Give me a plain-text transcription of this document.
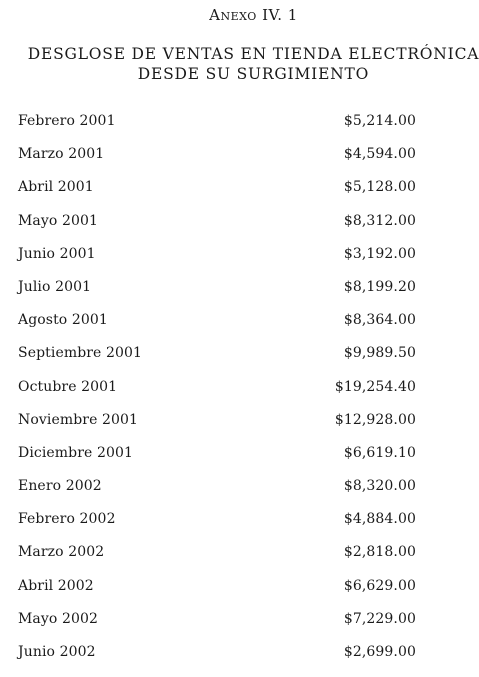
Anexo IV. 1
DESGLOSE DE VENTAS EN TIENDA ELECTRÓNICA
DESDE SU SURGIMIENTO
Febrero 2001	$5,214.00
Marzo 2001	$4,594.00
Abril 2001	$5,128.00
Mayo 2001	$8,312.00
Junio 2001	$3,192.00
Julio 2001	$8,199.20
Agosto 2001	$8,364.00
Septiembre 2001	$9,989.50
Octubre 2001	$19,254.40
Noviembre 2001	$12,928.00
Diciembre 2001	$6,619.10
Enero 2002	$8,320.00
Febrero 2002	$4,884.00
Marzo 2002	$2,818.00
Abril 2002	$6,629.00
Mayo 2002	$7,229.00
Junio 2002	$2,699.00
